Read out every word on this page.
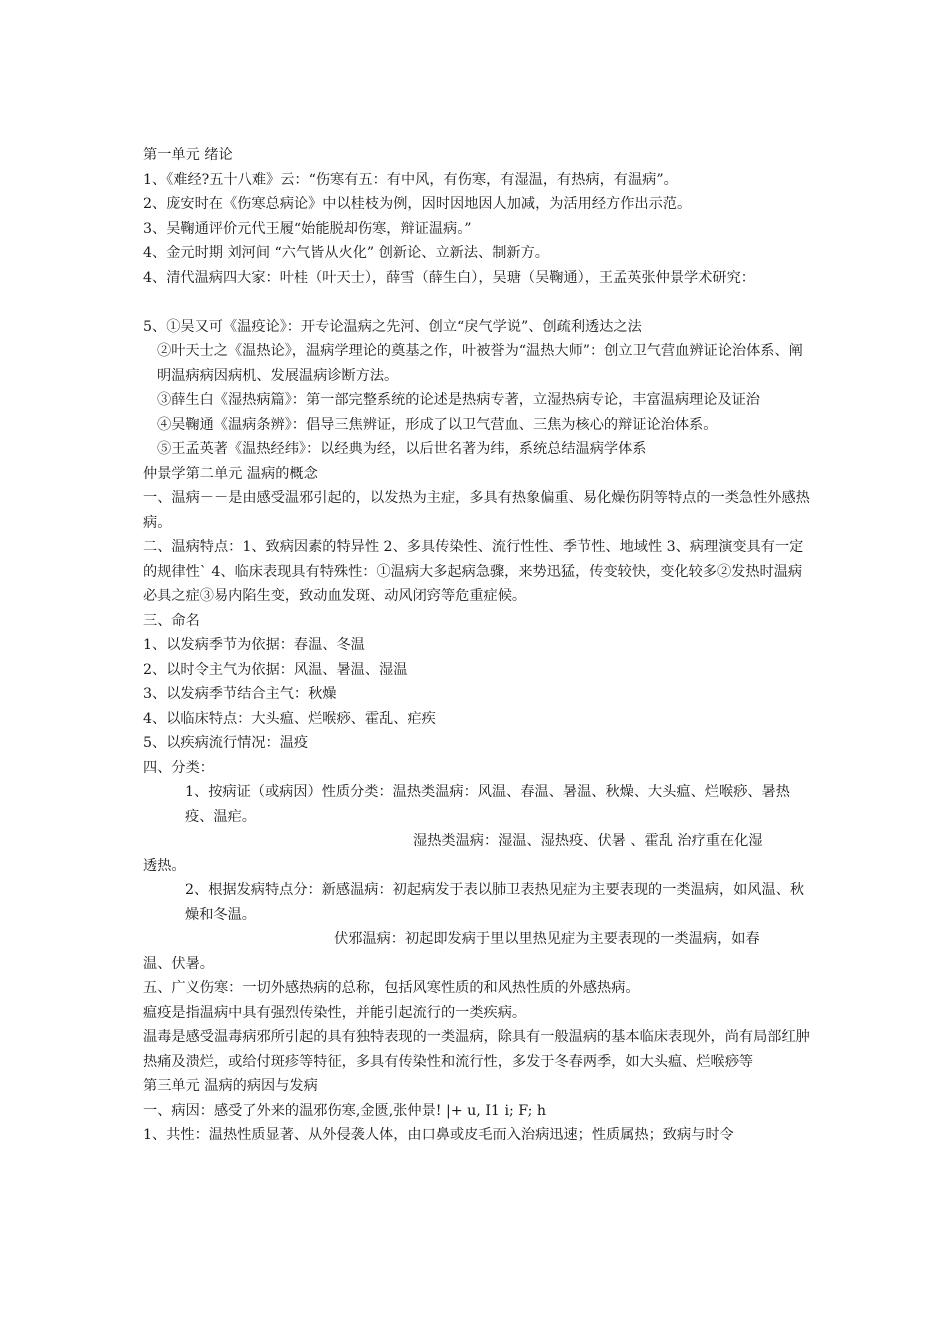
第一单元 绪论
1、《难经?五十八难》云：“伤寒有五：有中风，有伤寒，有湿温，有热病，有温病”。
2、庞安时在《伤寒总病论》中以桂枝为例，因时因地因人加减，为活用经方作出示范。
3、吴鞠通评价元代王履“始能脱却伤寒，辩证温病。”
4、金元时期 刘河间 “六气皆从火化” 创新论、立新法、制新方。
4、清代温病四大家：叶桂（叶天士），薛雪（薛生白），吴瑭（吴鞠通），王孟英张仲景学术研究：
5、①吴又可《温疫论》：开专论温病之先河、创立“戾气学说”、创疏利透达之法
②叶天士之《温热论》，温病学理论的奠基之作，叶被誉为“温热大师”：创立卫气营血辨证论治体系、阐明温病病因病机、发展温病诊断方法。
③薛生白《湿热病篇》：第一部完整系统的论述是热病专著，立湿热病专论，丰富温病理论及证治
④吴鞠通《温病条辨》：倡导三焦辨证，形成了以卫气营血、三焦为核心的辩证论治体系。
⑤王孟英著《温热经纬》：以经典为经，以后世名著为纬，系统总结温病学体系
仲景学第二单元 温病的概念
一、温病－－是由感受温邪引起的，以发热为主症，多具有热象偏重、易化燥伤阴等特点的一类急性外感热病。
二、温病特点：1、致病因素的特异性 2、多具传染性、流行性性、季节性、地域性 3、病理演变具有一定的规律性` 4、临床表现具有特殊性：①温病大多起病急骤，来势迅猛，传变较快，变化较多②发热时温病必具之症③易内陷生变，致动血发斑、动风闭窍等危重症候。
三、命名
1、以发病季节为依据：春温、冬温
2、以时令主气为依据：风温、暑温、湿温
3、以发病季节结合主气：秋燥
4、以临床特点：大头瘟、烂喉痧、霍乱、疟疾
5、以疾病流行情况：温疫
四、分类：
1、按病证（或病因）性质分类：温热类温病：风温、春温、暑温、秋燥、大头瘟、烂喉痧、暑热疫、温疟。
湿热类温病：湿温、湿热疫、伏暑 、霍乱 治疗重在化湿
透热。
2、根据发病特点分：新感温病：初起病发于表以肺卫表热见症为主要表现的一类温病，如风温、秋燥和冬温。
伏邪温病：初起即发病于里以里热见症为主要表现的一类温病，如春
温、伏暑。
五、广义伤寒：一切外感热病的总称，包括风寒性质的和风热性质的外感热病。
瘟疫是指温病中具有强烈传染性，并能引起流行的一类疾病。
温毒是感受温毒病邪所引起的具有独特表现的一类温病，除具有一般温病的基本临床表现外，尚有局部红肿热痛及溃烂，或给付斑疹等特征，多具有传染性和流行性，多发于冬春两季，如大头瘟、烂喉痧等
第三单元 温病的病因与发病
一、病因：感受了外来的温邪伤寒,金匮,张仲景! |+ u, I1 i; F; h
1、共性：温热性质显著、从外侵袭人体，由口鼻或皮毛而入治病迅速；性质属热；致病与时令
